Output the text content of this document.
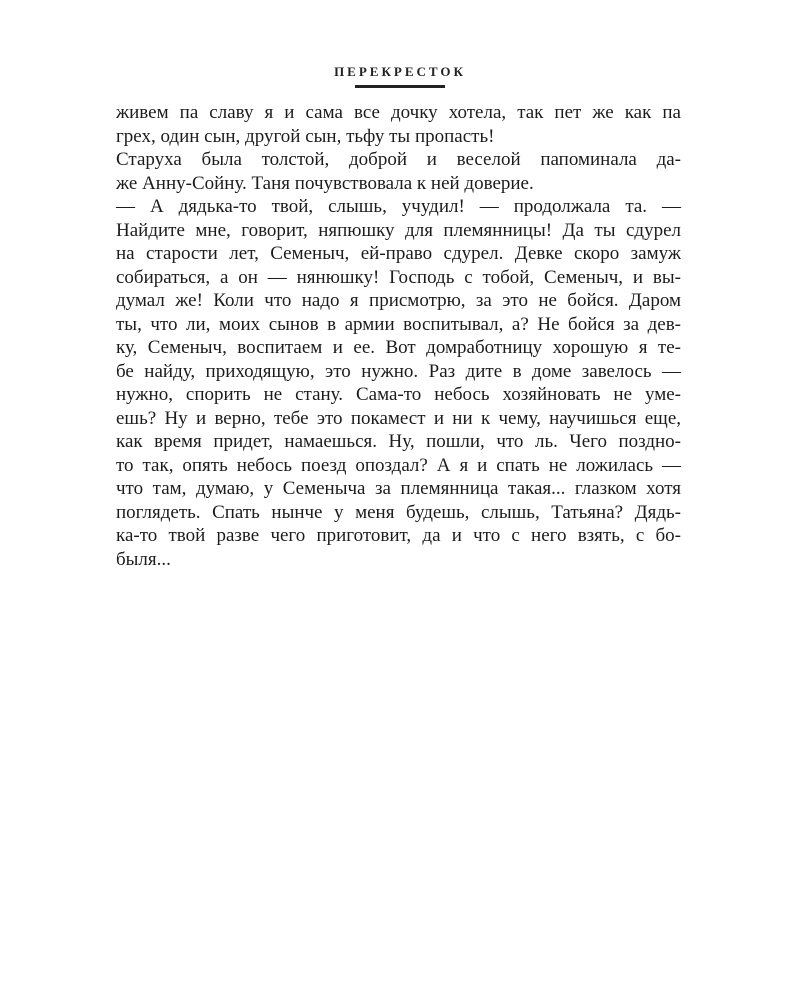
ПЕРЕКРЕСТОК
живем па славу я и сама все дочку хотела, так пет же как па
грех, один сын, другой сын, тьфу ты пропасть!
Старуха была толстой, доброй и веселой папоминала да-
же Анну-Сойну. Таня почувствовала к ней доверие.
— А дядька-то твой, слышь, учудил! — продолжала та. —
Найдите мне, говорит, няпюшку для племянницы! Да ты сдурел
на старости лет, Семеныч, ей-право сдурел. Девке скоро замуж
собираться, а он — нянюшку! Господь с тобой, Семеныч, и вы-
думал же! Коли что надо я присмотрю, за это не бойся. Даром
ты, что ли, моих сынов в армии воспитывал, а? Не бойся за дев-
ку, Семеныч, воспитаем и ее. Вот домработницу хорошую я те-
бе найду, приходящую, это нужно. Раз дите в доме завелось —
нужно, спорить не стану. Сама-то небось хозяйновать не уме-
ешь? Ну и верно, тебе это покамест и ни к чему, научишься еще,
как время придет, намаешься. Ну, пошли, что ль. Чего поздно-
то так, опять небось поезд опоздал? А я и спать не ложилась —
что там, думаю, у Семеныча за племянница такая... глазком хотя
поглядеть. Спать нынче у меня будешь, слышь, Татьяна? Дядь-
ка-то твой разве чего приготовит, да и что с него взять, с бо-
быля...
